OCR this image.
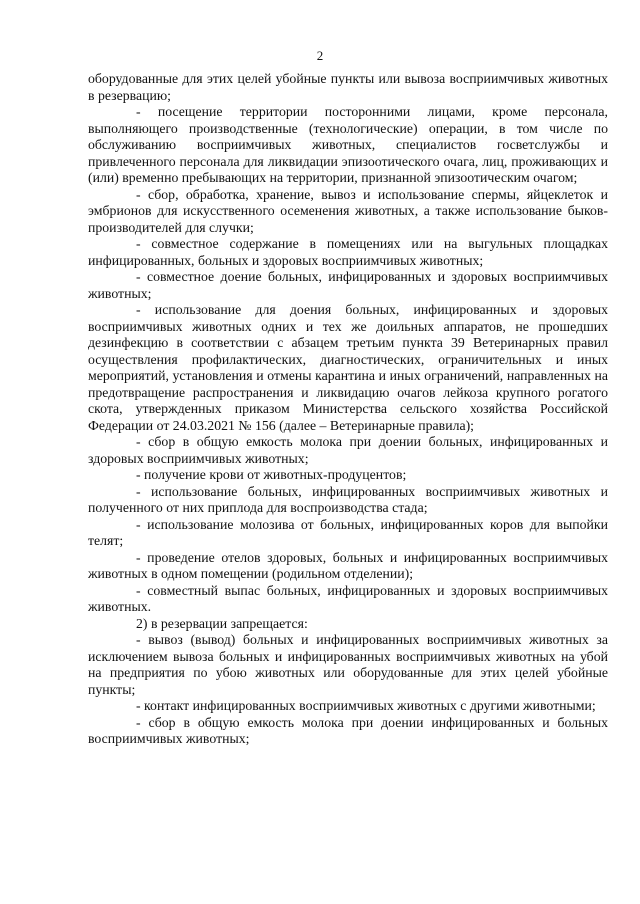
2

оборудованные для этих целей убойные пункты или вывоза восприимчивых животных в резервацию;

- посещение территории посторонними лицами, кроме персонала, выполняющего производственные (технологические) операции, в том числе по обслуживанию восприимчивых животных, специалистов госветслужбы и привлеченного персонала для ликвидации эпизоотического очага, лиц, проживающих и (или) временно пребывающих на территории, признанной эпизоотическим очагом;

- сбор, обработка, хранение, вывоз и использование спермы, яйцеклеток и эмбрионов для искусственного осеменения животных, а также использование быков-производителей для случки;

- совместное содержание в помещениях или на выгульных площадках инфицированных, больных и здоровых восприимчивых животных;

- совместное доение больных, инфицированных и здоровых восприимчивых животных;

- использование для доения больных, инфицированных и здоровых восприимчивых животных одних и тех же доильных аппаратов, не прошедших дезинфекцию в соответствии с абзацем третьим пункта 39 Ветеринарных правил осуществления профилактических, диагностических, ограничительных и иных мероприятий, установления и отмены карантина и иных ограничений, направленных на предотвращение распространения и ликвидацию очагов лейкоза крупного рогатого скота, утвержденных приказом Министерства сельского хозяйства Российской Федерации от 24.03.2021 № 156 (далее – Ветеринарные правила);

- сбор в общую емкость молока при доении больных, инфицированных и здоровых восприимчивых животных;

- получение крови от животных-продуцентов;

- использование больных, инфицированных восприимчивых животных и полученного от них приплода для воспроизводства стада;

- использование молозива от больных, инфицированных коров для выпойки телят;

- проведение отелов здоровых, больных и инфицированных восприимчивых животных в одном помещении (родильном отделении);

- совместный выпас больных, инфицированных и здоровых восприимчивых животных.

2) в резервации запрещается:

- вывоз (вывод) больных и инфицированных восприимчивых животных за исключением вывоза больных и инфицированных восприимчивых животных на убой на предприятия по убою животных или оборудованные для этих целей убойные пункты;

- контакт инфицированных восприимчивых животных с другими животными;

- сбор в общую емкость молока при доении инфицированных и больных восприимчивых животных;
